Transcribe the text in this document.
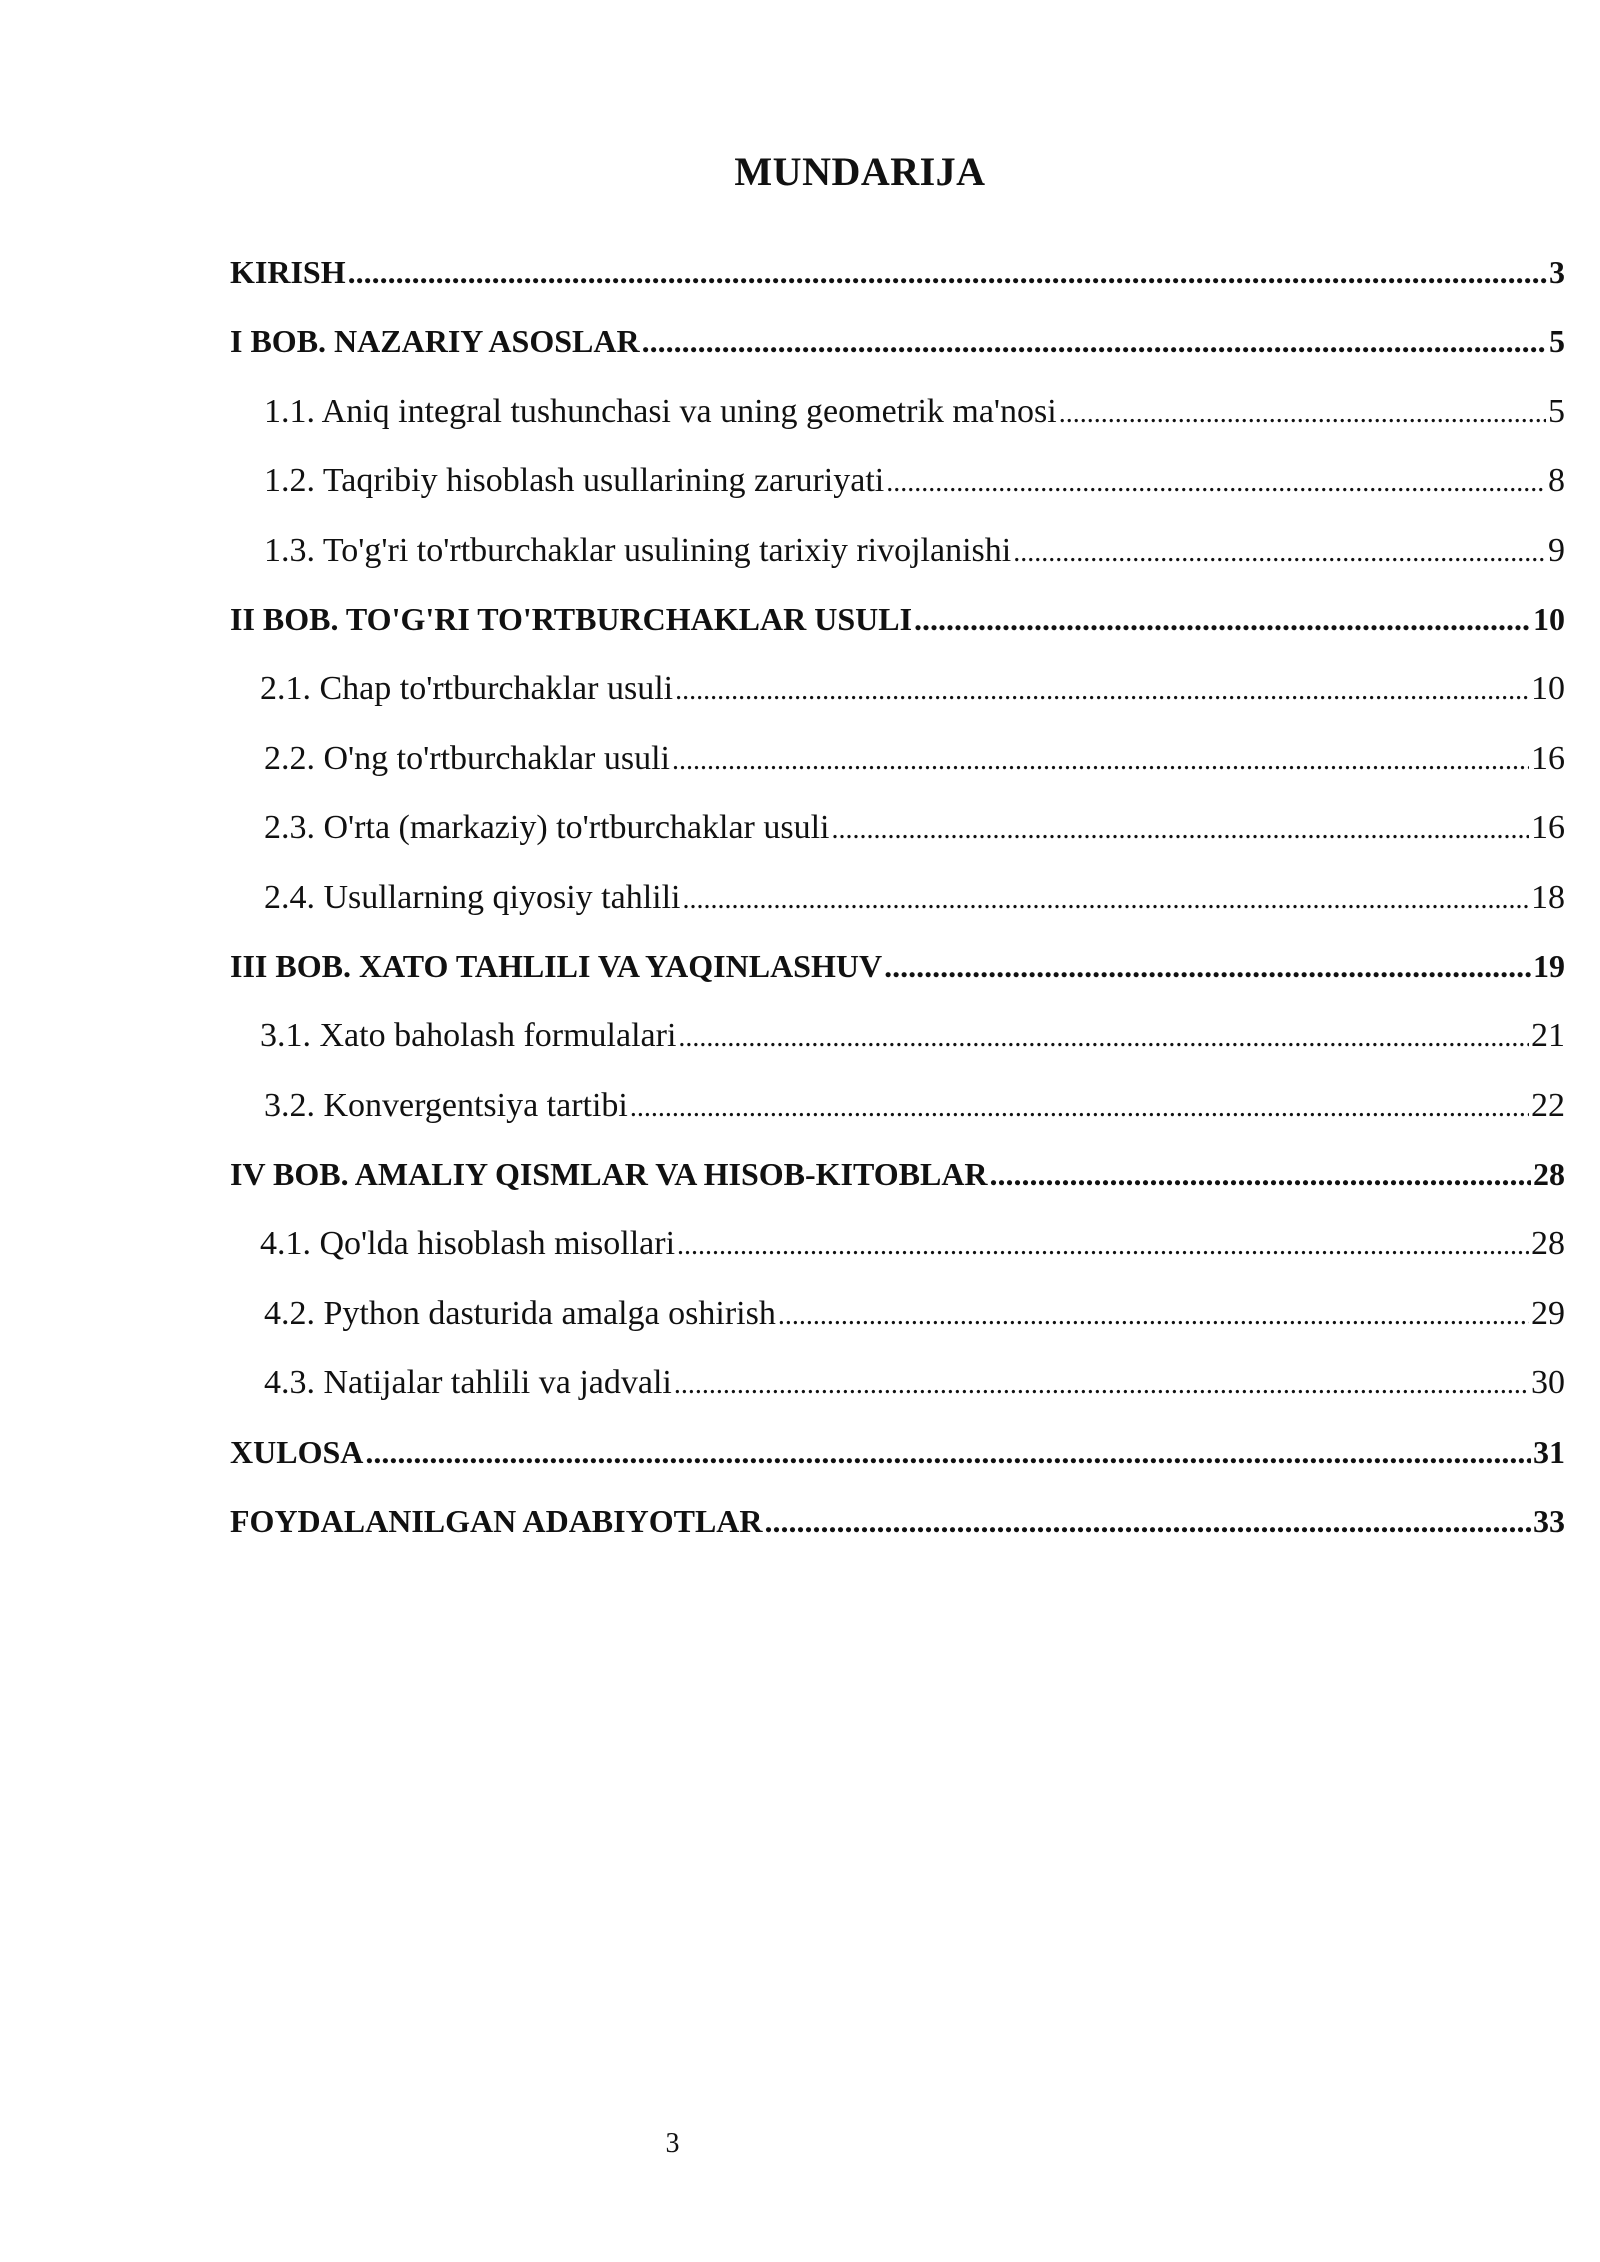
MUNDARIJA
KIRISH .....	3
I BOB. NAZARIY ASOSLAR .....	5
1.1. Aniq integral tushunchasi va uning geometrik ma'nosi .....	5
1.2. Taqribiy hisoblash usullarining zaruriyati .....	8
1.3. To'g'ri to'rtburchaklar usulining tarixiy rivojlanishi .....	9
II BOB. TO'G'RI TO'RTBURCHAKLAR USULI .....	10
2.1. Chap to'rtburchaklar usuli .....	10
2.2. O'ng to'rtburchaklar usuli .....	16
2.3. O'rta (markaziy) to'rtburchaklar usuli .....	16
2.4. Usullarning qiyosiy tahlili .....	18
III BOB. XATO TAHLILI VA YAQINLASHUV .....	19
3.1. Xato baholash formulalari .....	21
3.2. Konvergentsiya tartibi .....	22
IV BOB. AMALIY QISMLAR VA HISOB-KITOBLAR .....	28
4.1. Qo'lda hisoblash misollari .....	28
4.2. Python dasturida amalga oshirish .....	29
4.3. Natijalar tahlili va jadvali .....	30
XULOSA .....	31
FOYDALANILGAN ADABIYOTLAR .....	33
3
